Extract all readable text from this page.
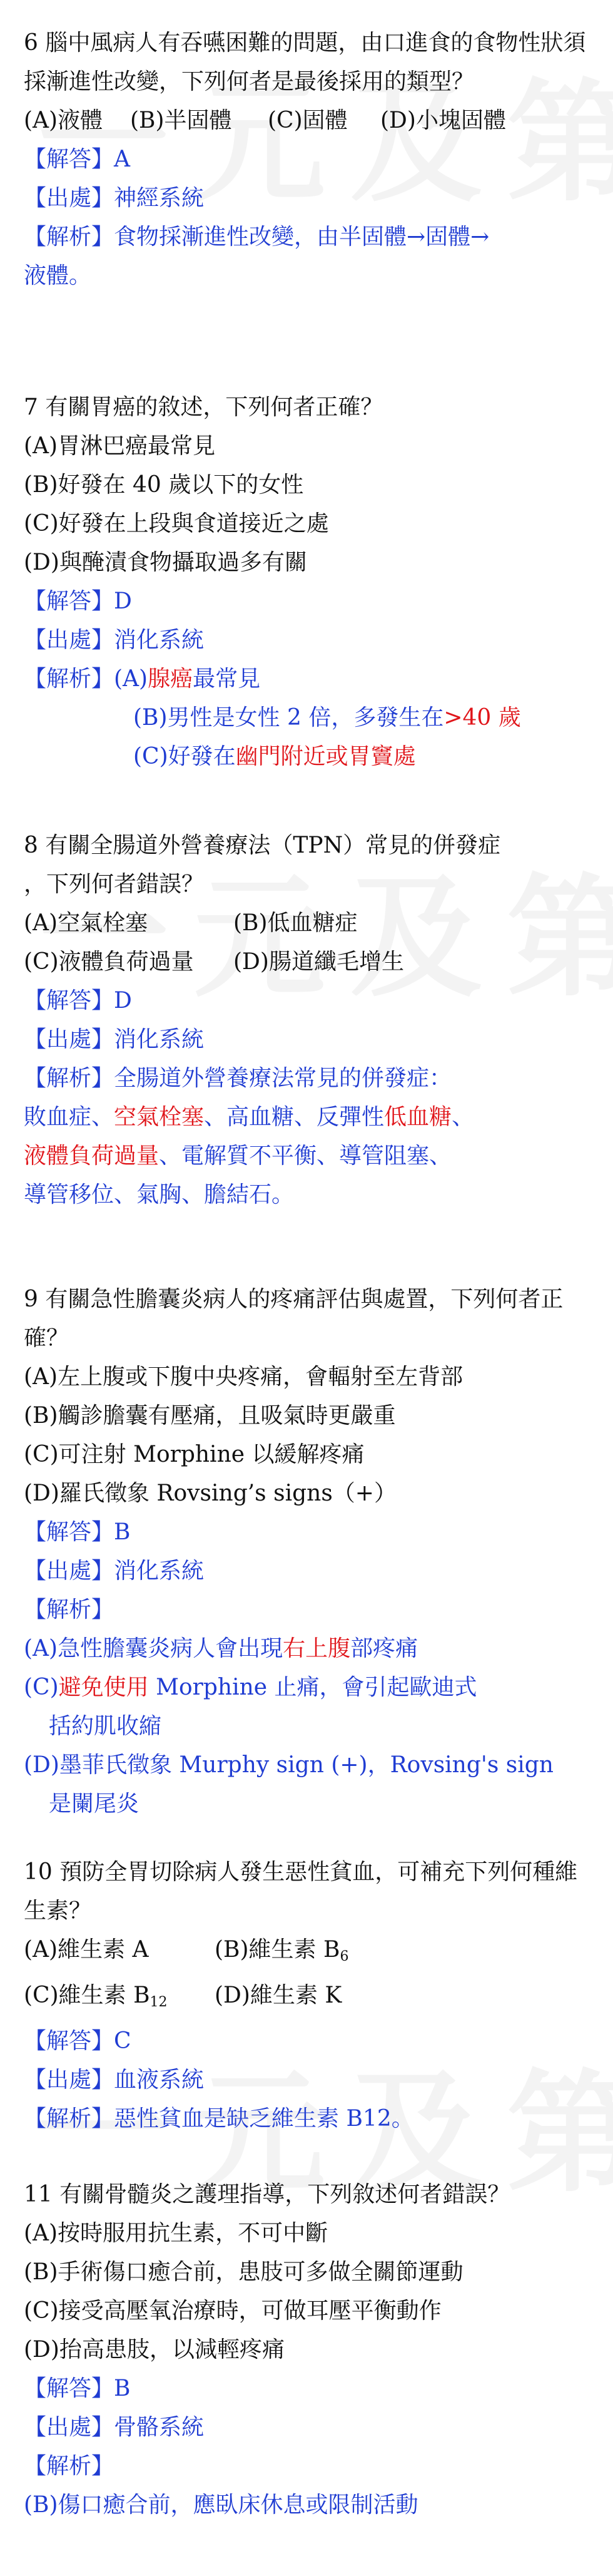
6 腦中風病人有吞嚥困難的問題，由口進食的食物性狀須採漸進性改變，下列何者是最後採用的類型？
(A)液體 (B)半固體 (C)固體 (D)小塊固體
【解答】A
【出處】神經系統
【解析】食物採漸進性改變，由半固體→固體→
液體。
7 有關胃癌的敘述，下列何者正確？
(A)胃淋巴癌最常見
(B)好發在 40 歲以下的女性
(C)好發在上段與食道接近之處
(D)與醃漬食物攝取過多有關
【解答】D
【出處】消化系統
【解析】(A)腺癌最常見
(B)男性是女性 2 倍，多發生在>40 歲
(C)好發在幽門附近或胃竇處
8 有關全腸道外營養療法（TPN）常見的併發症
，下列何者錯誤？
(A)空氣栓塞	(B)低血糖症
(C)液體負荷過量 (D)腸道纖毛增生
【解答】D
【出處】消化系統
【解析】全腸道外營養療法常見的併發症：
敗血症、空氣栓塞、高血糖、反彈性低血糖、
液體負荷過量、電解質不平衡、導管阻塞、
導管移位、氣胸、膽結石。
9 有關急性膽囊炎病人的疼痛評估與處置，下列何者正確？
(A)左上腹或下腹中央疼痛，會輻射至左背部
(B)觸診膽囊有壓痛，且吸氣時更嚴重
(C)可注射 Morphine 以緩解疼痛
(D)羅氏徵象 Rovsing’s signs（+）
【解答】B
【出處】消化系統
【解析】
(A)急性膽囊炎病人會出現右上腹部疼痛
(C)避免使用 Morphine 止痛，會引起歐迪式
括約肌收縮
(D)墨菲氏徵象 Murphy sign (+)，Rovsing's sign
是闌尾炎
10 預防全胃切除病人發生惡性貧血，可補充下列何種維生素？
(A)維生素 A	(B)維生素 $B_6$
(C)維生素 $B_{12}$ (D)維生素 K
【解答】C
【出處】血液系統
【解析】惡性貧血是缺乏維生素 B12。
11 有關骨髓炎之護理指導，下列敘述何者錯誤？
(A)按時服用抗生素，不可中斷
(B)手術傷口癒合前，患肢可多做全關節運動
(C)接受高壓氧治療時，可做耳壓平衡動作
(D)抬高患肢，以減輕疼痛
【解答】B
【出處】骨骼系統
【解析】
(B)傷口癒合前，應臥床休息或限制活動
